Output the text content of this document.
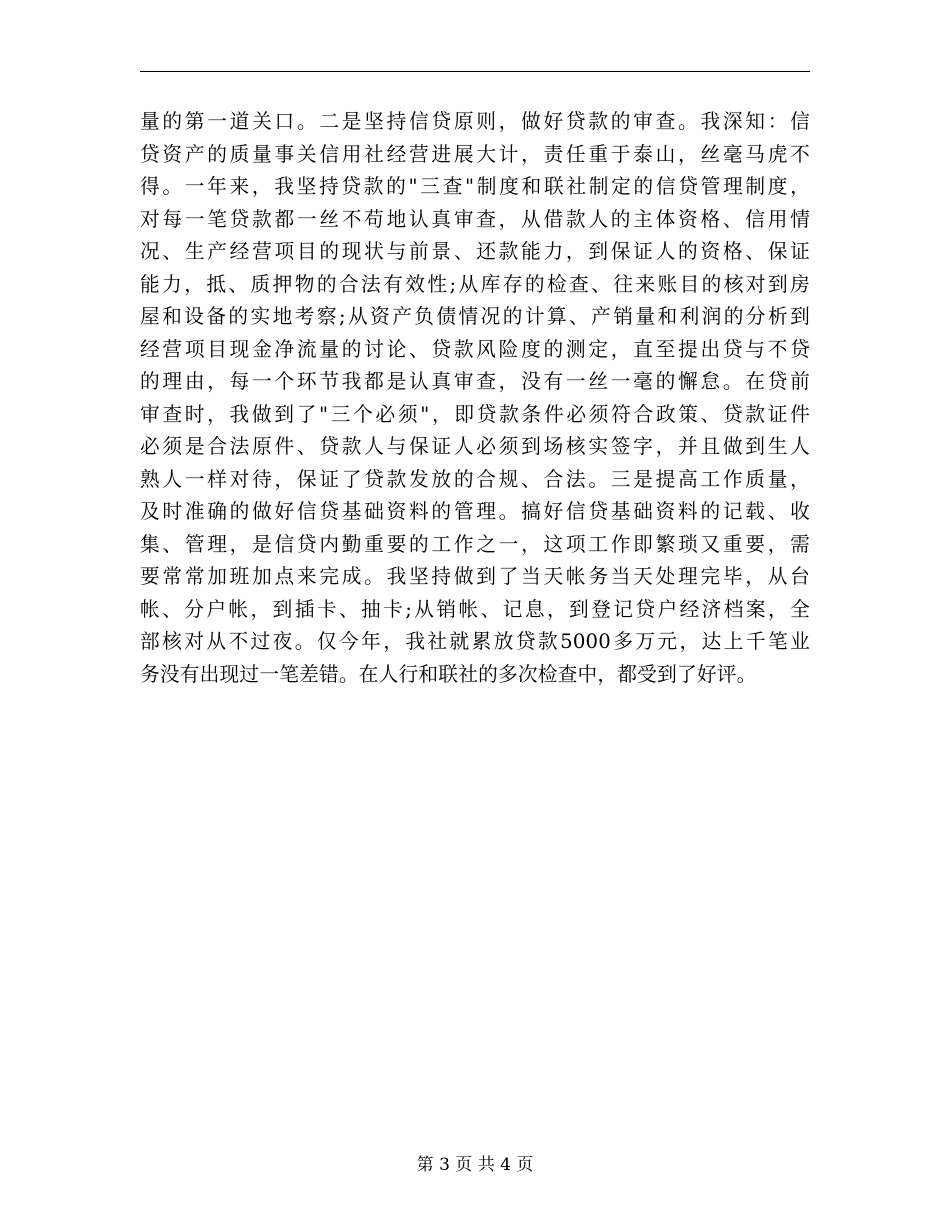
量的第一道关口。二是坚持信贷原则，做好贷款的审查。我深知：信
贷资产的质量事关信用社经营进展大计，责任重于泰山，丝毫马虎不
得。一年来，我坚持贷款的"三查"制度和联社制定的信贷管理制度，
对每一笔贷款都一丝不苟地认真审查，从借款人的主体资格、信用情
况、生产经营项目的现状与前景、还款能力，到保证人的资格、保证
能力，抵、质押物的合法有效性;从库存的检查、往来账目的核对到房
屋和设备的实地考察;从资产负债情况的计算、产销量和利润的分析到
经营项目现金净流量的讨论、贷款风险度的测定，直至提出贷与不贷
的理由，每一个环节我都是认真审查，没有一丝一毫的懈怠。在贷前
审查时，我做到了"三个必须"，即贷款条件必须符合政策、贷款证件
必须是合法原件、贷款人与保证人必须到场核实签字，并且做到生人
熟人一样对待，保证了贷款发放的合规、合法。三是提高工作质量，
及时准确的做好信贷基础资料的管理。搞好信贷基础资料的记载、收
集、管理，是信贷内勤重要的工作之一，这项工作即繁琐又重要，需
要常常加班加点来完成。我坚持做到了当天帐务当天处理完毕，从台
帐、分户帐，到插卡、抽卡;从销帐、记息，到登记贷户经济档案，全
部核对从不过夜。仅今年，我社就累放贷款5000多万元，达上千笔业
务没有出现过一笔差错。在人行和联社的多次检查中，都受到了好评。
第 3 页 共 4 页
